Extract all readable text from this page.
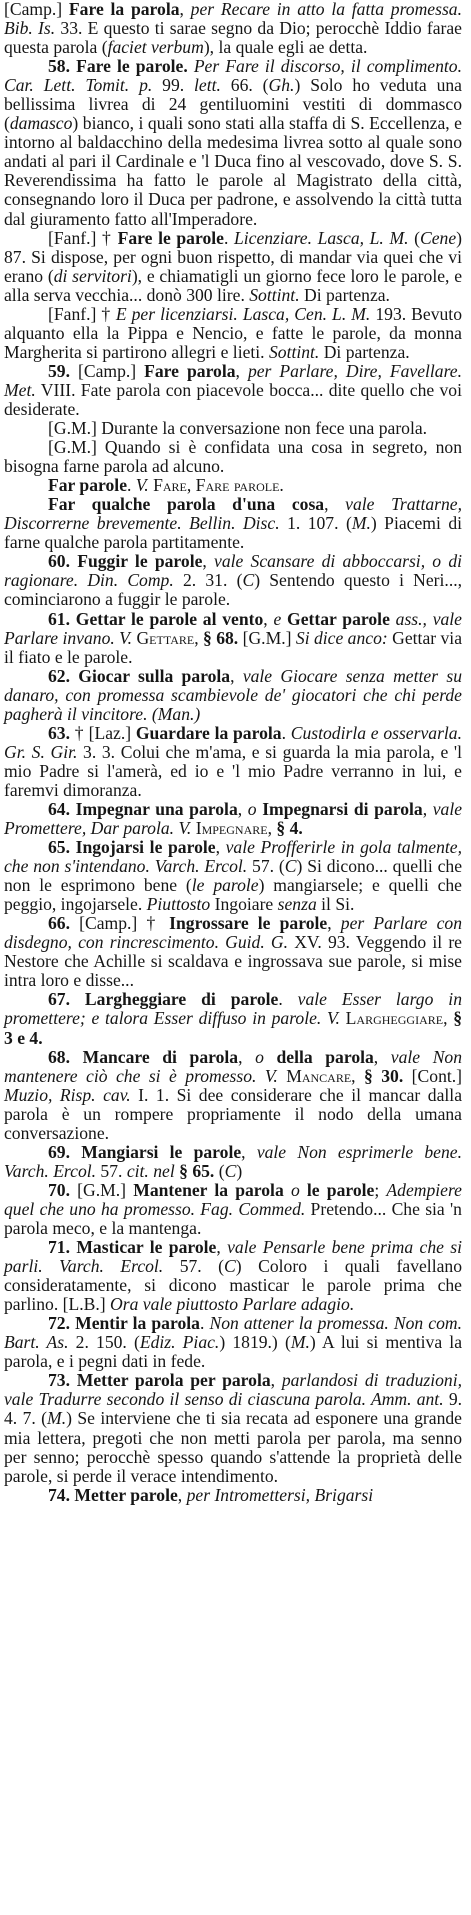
[Camp.] Fare la parola, per Recare in atto la fatta promessa. Bib. Is. 33. E questo ti sarae segno da Dio; perocchè Iddio farae questa parola (faciet verbum), la quale egli ae detta.

58. Fare le parole. Per Fare il discorso, il complimento. Car. Lett. Tomit. p. 99. lett. 66. (Gh.) Solo ho veduta una bellissima livrea di 24 gentiluomini vestiti di dommasco (damasco) bianco, i quali sono stati alla staffa di S. Eccellenza, e intorno al baldacchino della medesima livrea sotto al quale sono andati al pari il Cardinale e 'l Duca fino al vescovado, dove S. S. Reverendissima ha fatto le parole al Magistrato della città, consegnando loro il Duca per padrone, e assolvendo la città tutta dal giuramento fatto all'Imperadore.

[Fanf.] † Fare le parole. Licenziare. Lasca, L. M. (Cene) 87. Si dispose, per ogni buon rispetto, di mandar via quei che vi erano (di servitori), e chiamatigli un giorno fece loro le parole, e alla serva vecchia... donò 300 lire. Sottint. Di partenza.

[Fanf.] † E per licenziarsi. Lasca, Cen. L. M. 193. Bevuto alquanto ella la Pippa e Nencio, e fatte le parole, da monna Margherita si partirono allegri e lieti. Sottint. Di partenza.

59. [Camp.] Fare parola, per Parlare, Dire, Favellare. Met. VIII. Fate parola con piacevole bocca... dite quello che voi desiderate.

[G.M.] Durante la conversazione non fece una parola.

[G.M.] Quando si è confidata una cosa in segreto, non bisogna farne parola ad alcuno.

Far parole. V. Fare, Fare parole.

Far qualche parola d'una cosa, vale Trattarne, Discorrerne brevemente. Bellin. Disc. 1. 107. (M.) Piacemi di farne qualche parola partitamente.

60. Fuggir le parole, vale Scansare di abboccarsi, o di ragionare. Din. Comp. 2. 31. (C) Sentendo questo i Neri..., cominciarono a fuggir le parole.

61. Gettar le parole al vento, e Gettar parole ass., vale Parlare invano. V. Gettare, § 68. [G.M.] Si dice anco: Gettar via il fiato e le parole.

62. Giocar sulla parola, vale Giocare senza metter su danaro, con promessa scambievole de' giocatori che chi perde pagherà il vincitore. (Man.)

63. † [Laz.] Guardare la parola. Custodirla e osservarla. Gr. S. Gir. 3. 3. Colui che m'ama, e si guarda la mia parola, e 'l mio Padre si l'amerà, ed io e 'l mio Padre verranno in lui, e faremvi dimoranza.

64. Impegnar una parola, o Impegnarsi di parola, vale Promettere, Dar parola. V. Impegnare, § 4.

65. Ingojarsi le parole, vale Profferirle in gola talmente, che non s'intendano. Varch. Ercol. 57. (C) Si dicono... quelli che non le esprimono bene (le parole) mangiarsele; e quelli che peggio, ingojarsele. Piuttosto Ingoiare senza il Si.

66. [Camp.] † Ingrossare le parole, per Parlare con disdegno, con rincrescimento. Guid. G. XV. 93. Veggendo il re Nestore che Achille si scaldava e ingrossava sue parole, si mise intra loro e disse...

67. Largheggiare di parole. vale Esser largo in promettere; e talora Esser diffuso in parole. V. Largheggiare, § 3 e 4.

68. Mancare di parola, o della parola, vale Non mantenere ciò che si è promesso. V. Mancare, § 30. [Cont.] Muzio, Risp. cav. I. 1. Si dee considerare che il mancar dalla parola è un rompere propriamente il nodo della umana conversazione.

69. Mangiarsi le parole, vale Non esprimerle bene. Varch. Ercol. 57. cit. nel § 65. (C)

70. [G.M.] Mantener la parola o le parole; Adempiere quel che uno ha promesso. Fag. Commed. Pretendo... Che sia 'n parola meco, e la mantenga.

71. Masticar le parole, vale Pensarle bene prima che si parli. Varch. Ercol. 57. (C) Coloro i quali favellano consideratamente, si dicono masticar le parole prima che parlino. [L.B.] Ora vale piuttosto Parlare adagio.

72. Mentir la parola. Non attener la promessa. Non com. Bart. As. 2. 150. (Ediz. Piac.) 1819.) (M.) A lui si mentiva la parola, e i pegni dati in fede.

73. Metter parola per parola, parlandosi di traduzioni, vale Tradurre secondo il senso di ciascuna parola. Amm. ant. 9. 4. 7. (M.) Se interviene che ti sia recata ad esponere una grande mia lettera, pregoti che non metti parola per parola, ma senno per senno; perocchè spesso quando s'attende la proprietà delle parole, si perde il verace intendimento.

74. Metter parole, per Intromettersi, Brigarsi
